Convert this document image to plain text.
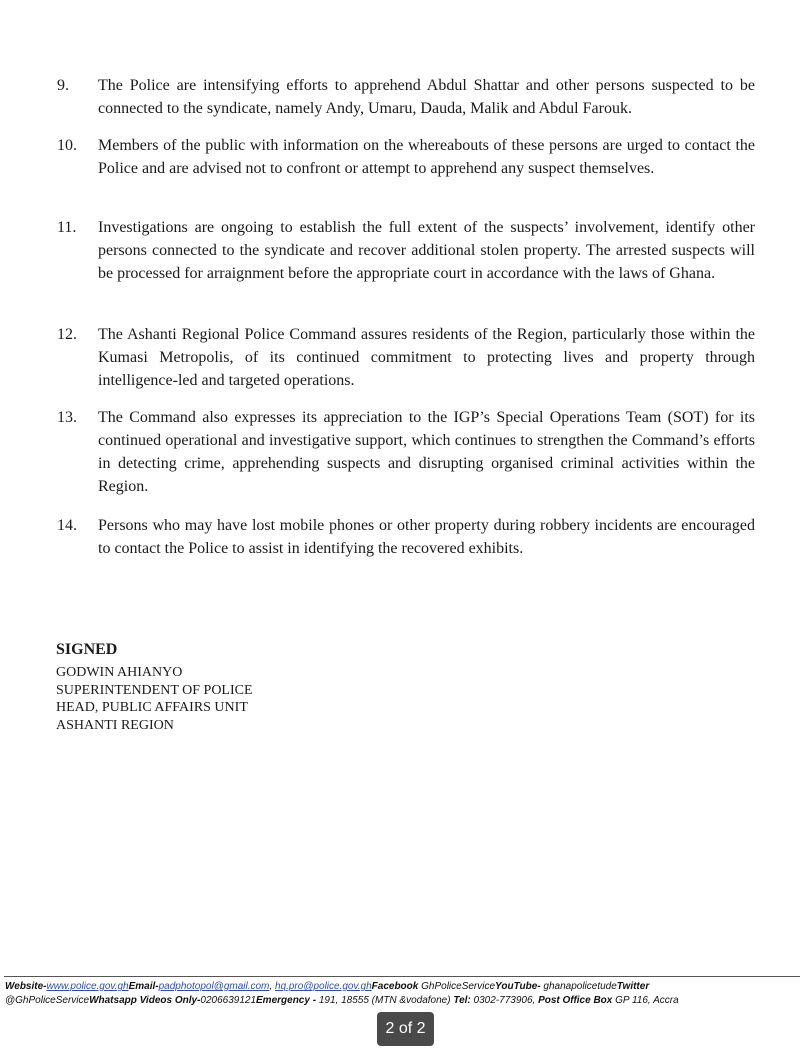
9. The Police are intensifying efforts to apprehend Abdul Shattar and other persons suspected to be connected to the syndicate, namely Andy, Umaru, Dauda, Malik and Abdul Farouk.
10. Members of the public with information on the whereabouts of these persons are urged to contact the Police and are advised not to confront or attempt to apprehend any suspect themselves.
11. Investigations are ongoing to establish the full extent of the suspects’ involvement, identify other persons connected to the syndicate and recover additional stolen property. The arrested suspects will be processed for arraignment before the appropriate court in accordance with the laws of Ghana.
12. The Ashanti Regional Police Command assures residents of the Region, particularly those within the Kumasi Metropolis, of its continued commitment to protecting lives and property through intelligence-led and targeted operations.
13. The Command also expresses its appreciation to the IGP’s Special Operations Team (SOT) for its continued operational and investigative support, which continues to strengthen the Command’s efforts in detecting crime, apprehending suspects and disrupting organised criminal activities within the Region.
14. Persons who may have lost mobile phones or other property during robbery incidents are encouraged to contact the Police to assist in identifying the recovered exhibits.
SIGNED
GODWIN AHIANYO
SUPERINTENDENT OF POLICE
HEAD, PUBLIC AFFAIRS UNIT
ASHANTI REGION
Website-www.police.gov.ghEmail-padphotopol@gmail.com, hq.pro@police.gov.ghFacebook GhPoliceServiceYouTube- ghanapolicetudeTwitter
@GhPoliceServiceWhatsapp Videos Only-0206639121Emergency - 191, 18555 (MTN &vodafone) Tel: 0302-773906, Post Office Box GP 116, Accra
2 of 2
